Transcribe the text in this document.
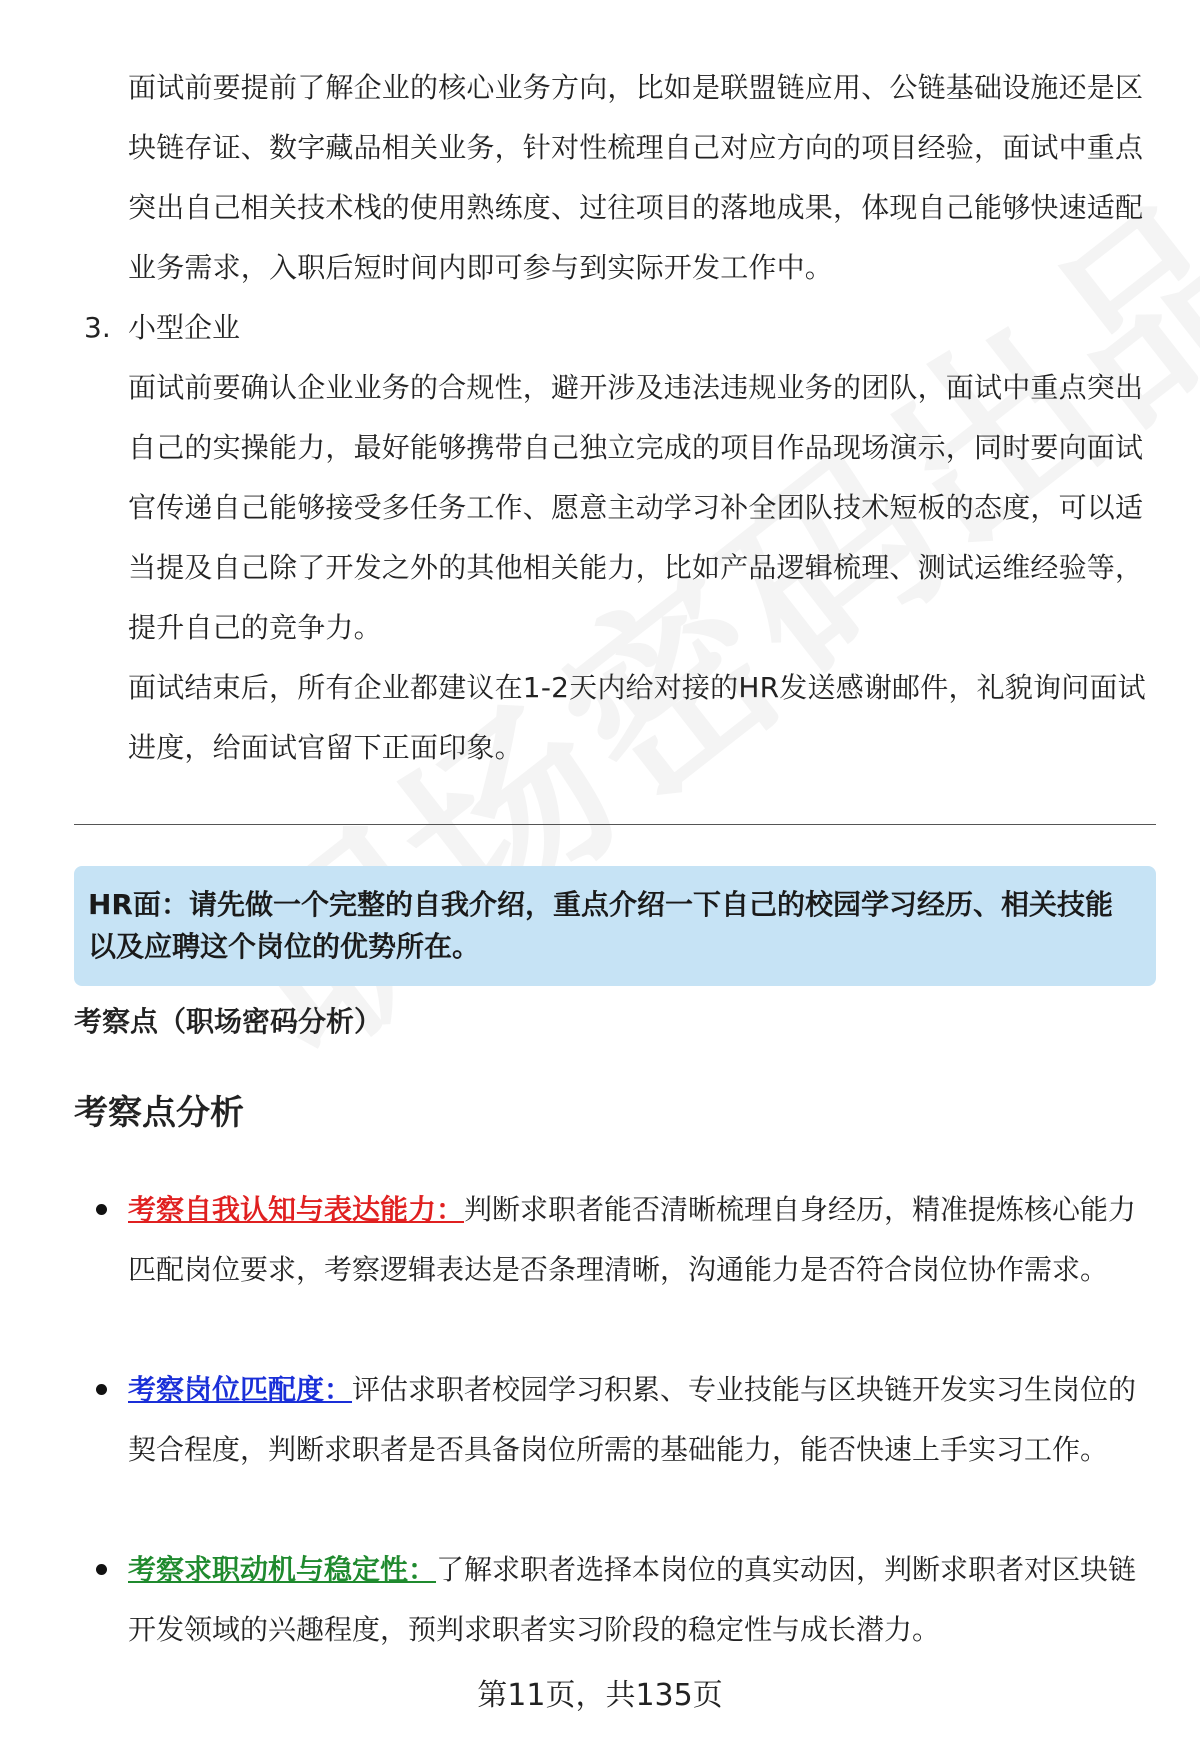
面试前要提前了解企业的核心业务方向，比如是联盟链应用、公链基础设施还是区块链存证、数字藏品相关业务，针对性梳理自己对应方向的项目经验，面试中重点突出自己相关技术栈的使用熟练度、过往项目的落地成果，体现自己能够快速适配业务需求，入职后短时间内即可参与到实际开发工作中。

3. 小型企业

面试前要确认企业业务的合规性，避开涉及违法违规业务的团队，面试中重点突出自己的实操能力，最好能够携带自己独立完成的项目作品现场演示，同时要向面试官传递自己能够接受多任务工作、愿意主动学习补全团队技术短板的态度，可以适当提及自己除了开发之外的其他相关能力，比如产品逻辑梳理、测试运维经验等，提升自己的竞争力。

面试结束后，所有企业都建议在1-2天内给对接的HR发送感谢邮件，礼貌询问面试进度，给面试官留下正面印象。

HR面：请先做一个完整的自我介绍，重点介绍一下自己的校园学习经历、相关技能以及应聘这个岗位的优势所在。
考察点（职场密码分析）
考察点分析
考察自我认知与表达能力：判断求职者能否清晰梳理自身经历，精准提炼核心能力匹配岗位要求，考察逻辑表达是否条理清晰，沟通能力是否符合岗位协作需求。
考察岗位匹配度：评估求职者校园学习积累、专业技能与区块链开发实习生岗位的契合程度，判断求职者是否具备岗位所需的基础能力，能否快速上手实习工作。
考察求职动机与稳定性：了解求职者选择本岗位的真实动因，判断求职者对区块链开发领域的兴趣程度，预判求职者实习阶段的稳定性与成长潜力。
第11页，共135页
